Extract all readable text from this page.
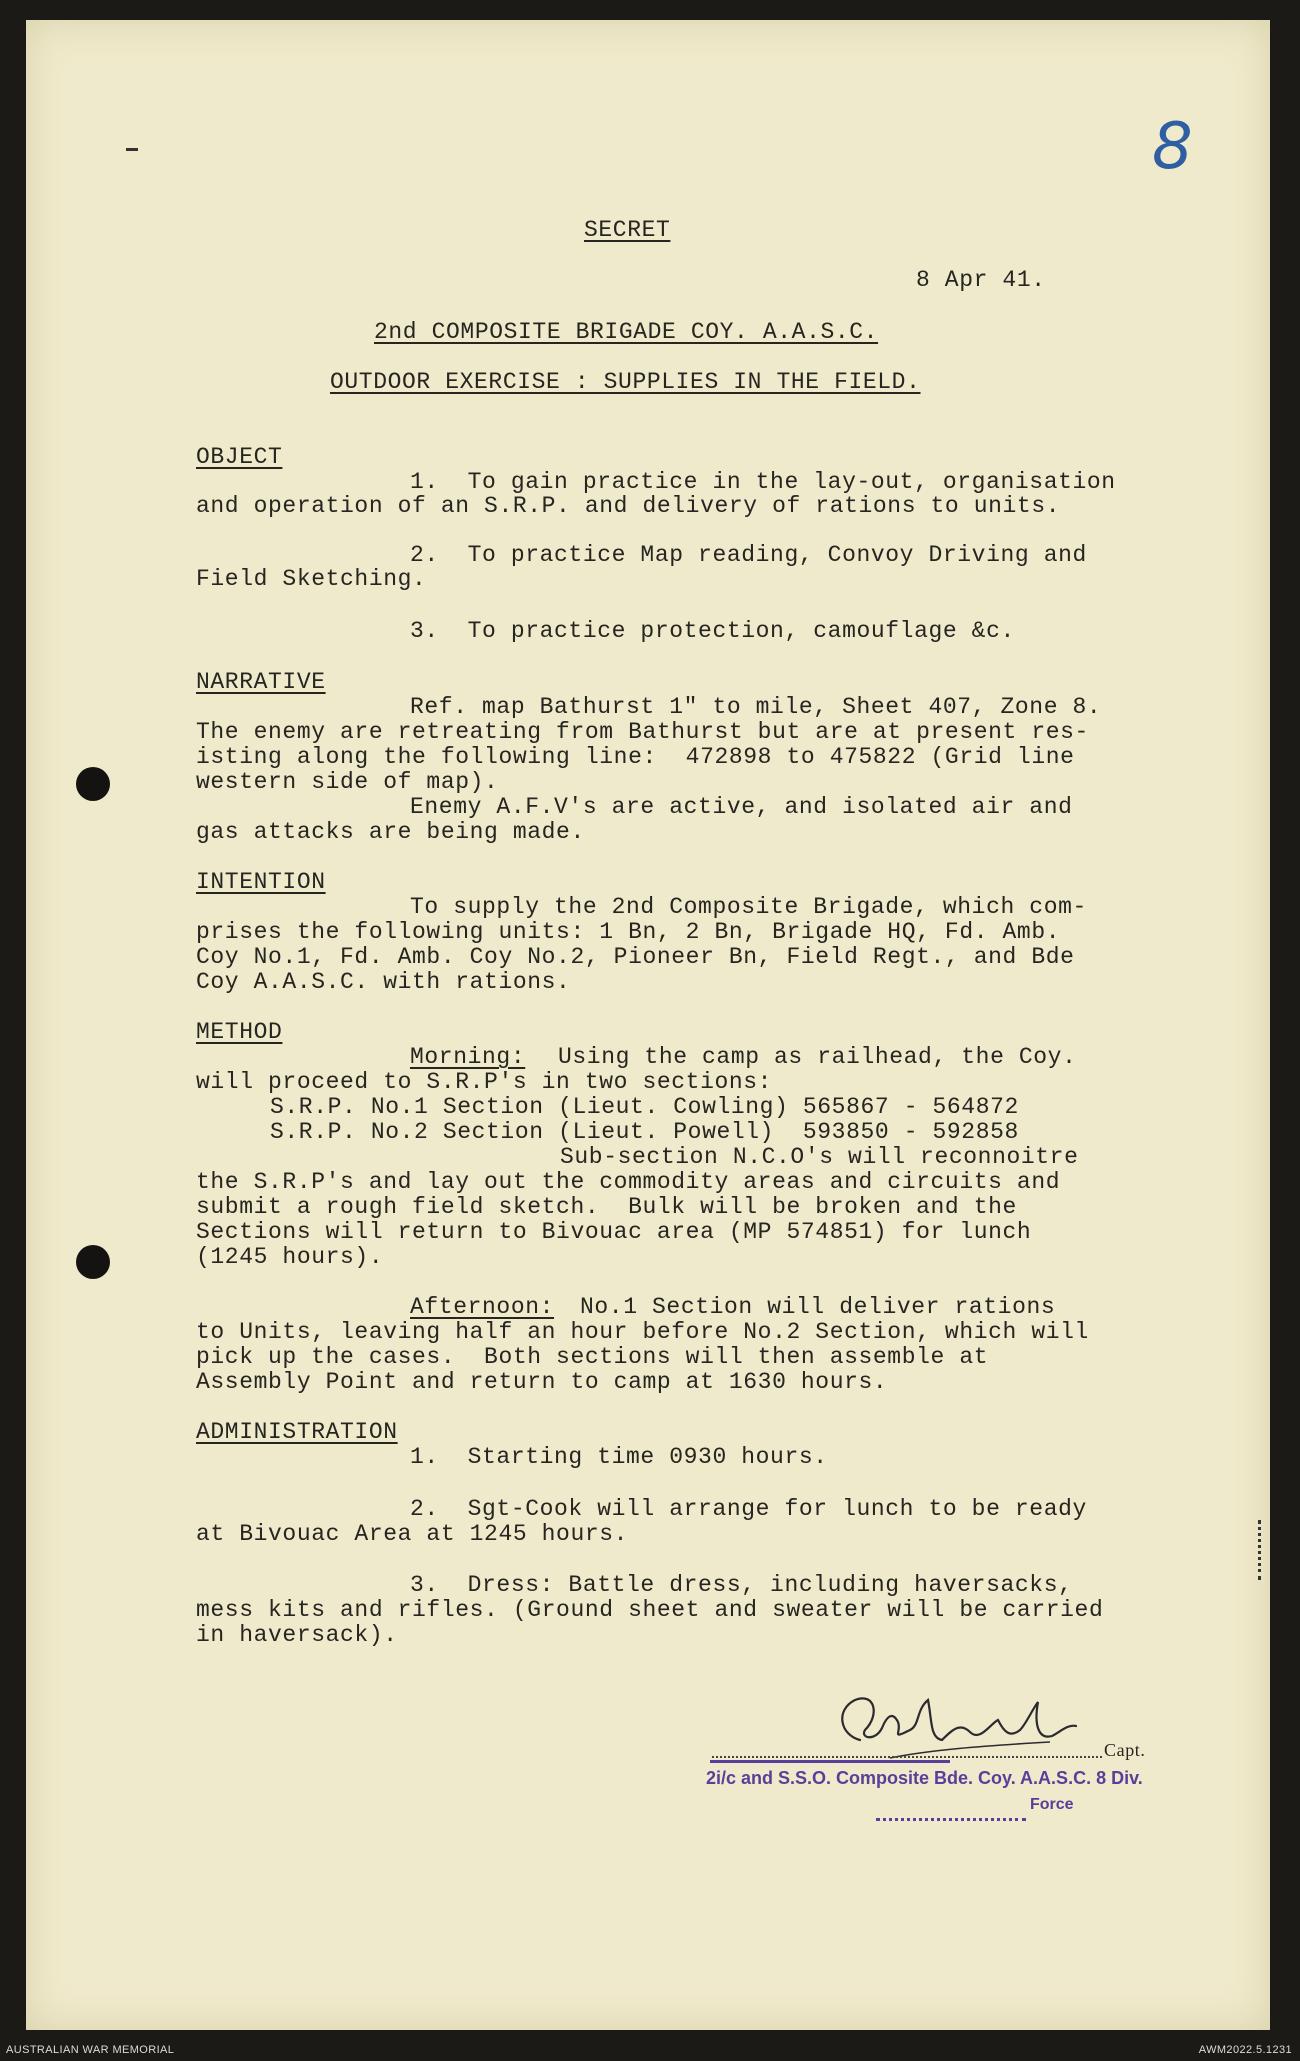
8
SECRET
8 Apr 41.
2nd COMPOSITE BRIGADE COY. A.A.S.C.
OUTDOOR EXERCISE : SUPPLIES IN THE FIELD.
OBJECT
1.  To gain practice in the lay-out, organisation
and operation of an S.R.P. and delivery of rations to units.
2.  To practice Map reading, Convoy Driving and
Field Sketching.
3.  To practice protection, camouflage &c.
NARRATIVE
Ref. map Bathurst 1" to mile, Sheet 407, Zone 8.
The enemy are retreating from Bathurst but are at present res-
isting along the following line:  472898 to 475822 (Grid line
western side of map).
Enemy A.F.V's are active, and isolated air and
gas attacks are being made.
INTENTION
To supply the 2nd Composite Brigade, which com-
prises the following units: 1 Bn, 2 Bn, Brigade HQ, Fd. Amb.
Coy No.1, Fd. Amb. Coy No.2, Pioneer Bn, Field Regt., and Bde
Coy A.A.S.C. with rations.
METHOD
Morning: Using the camp as railhead, the Coy.
will proceed to S.R.P's in two sections:
S.R.P. No.1 Section (Lieut. Cowling) 565867 - 564872
S.R.P. No.2 Section (Lieut. Powell)  593850 - 592858
Sub-section N.C.O's will reconnoitre
the S.R.P's and lay out the commodity areas and circuits and
submit a rough field sketch.  Bulk will be broken and the
Sections will return to Bivouac area (MP 574851) for lunch
(1245 hours).
Afternoon: No.1 Section will deliver rations
to Units, leaving half an hour before No.2 Section, which will
pick up the cases.  Both sections will then assemble at
Assembly Point and return to camp at 1630 hours.
ADMINISTRATION
1.  Starting time 0930 hours.
2.  Sgt-Cook will arrange for lunch to be ready
at Bivouac Area at 1245 hours.
3.  Dress: Battle dress, including haversacks,
mess kits and rifles. (Ground sheet and sweater will be carried
in haversack).
Capt.
2i/c and S.S.O. Composite Bde. Coy. A.A.S.C. 8 Div.
Force
AUSTRALIAN WAR MEMORIAL	AWM2022.5.1231
